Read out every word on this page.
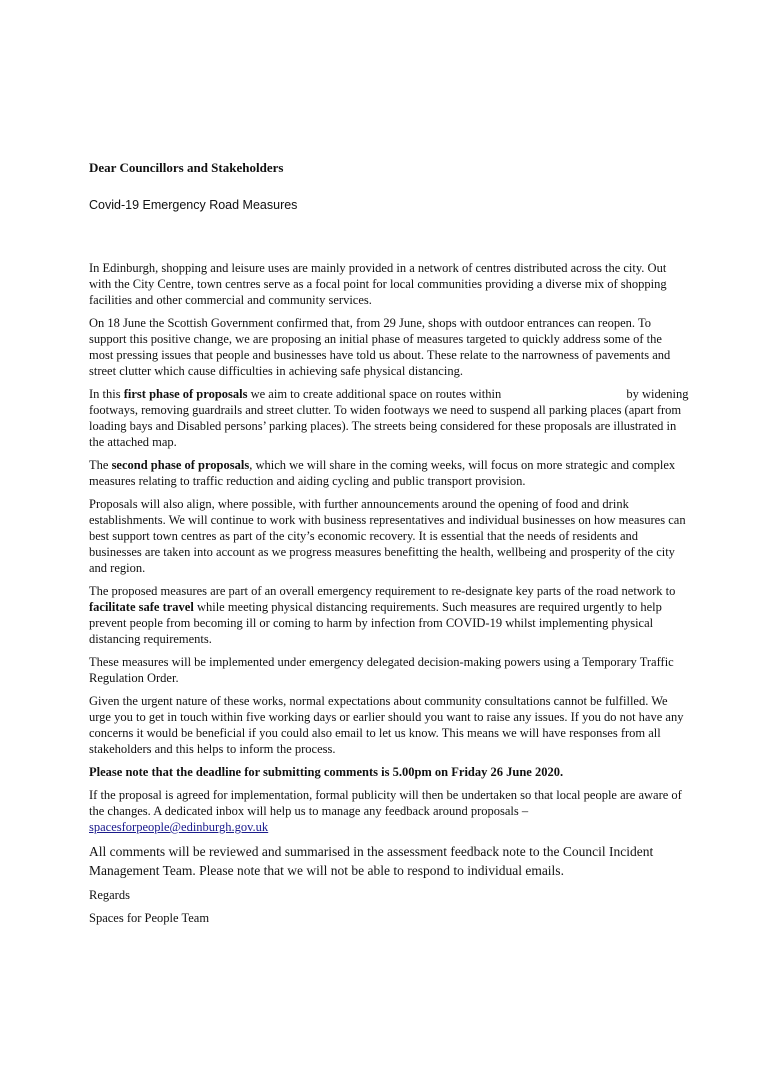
Dear Councillors and Stakeholders
Covid-19 Emergency Road Measures

In Edinburgh, shopping and leisure uses are mainly provided in a network of centres distributed across the city. Out with the City Centre, town centres serve as a focal point for local communities providing a diverse mix of shopping facilities and other commercial and community services.

On 18 June the Scottish Government confirmed that, from 29 June, shops with outdoor entrances can reopen. To support this positive change, we are proposing an initial phase of measures targeted to quickly address some of the most pressing issues that people and businesses have told us about. These relate to the narrowness of pavements and street clutter which cause difficulties in achieving safe physical distancing.

In this first phase of proposals we aim to create additional space on routes within	by widening footways, removing guardrails and street clutter. To widen footways we need to suspend all parking places (apart from loading bays and Disabled persons’ parking places). The streets being considered for these proposals are illustrated in the attached map.

The second phase of proposals, which we will share in the coming weeks, will focus on more strategic and complex measures relating to traffic reduction and aiding cycling and public transport provision.

Proposals will also align, where possible, with further announcements around the opening of food and drink establishments. We will continue to work with business representatives and individual businesses on how measures can best support town centres as part of the city’s economic recovery. It is essential that the needs of residents and businesses are taken into account as we progress measures benefitting the health, wellbeing and prosperity of the city and region.

The proposed measures are part of an overall emergency requirement to re-designate key parts of the road network to facilitate safe travel while meeting physical distancing requirements. Such measures are required urgently to help prevent people from becoming ill or coming to harm by infection from COVID-19 whilst implementing physical distancing requirements.

These measures will be implemented under emergency delegated decision-making powers using a Temporary Traffic Regulation Order.

Given the urgent nature of these works, normal expectations about community consultations cannot be fulfilled. We urge you to get in touch within five working days or earlier should you want to raise any issues. If you do not have any concerns it would be beneficial if you could also email to let us know. This means we will have responses from all stakeholders and this helps to inform the process.

Please note that the deadline for submitting comments is 5.00pm on Friday 26 June 2020.

If the proposal is agreed for implementation, formal publicity will then be undertaken so that local people are aware of the changes. A dedicated inbox will help us to manage any feedback around proposals –
spacesforpeople@edinburgh.gov.uk

All comments will be reviewed and summarised in the assessment feedback note to the Council Incident Management Team. Please note that we will not be able to respond to individual emails.

Regards

Spaces for People Team
